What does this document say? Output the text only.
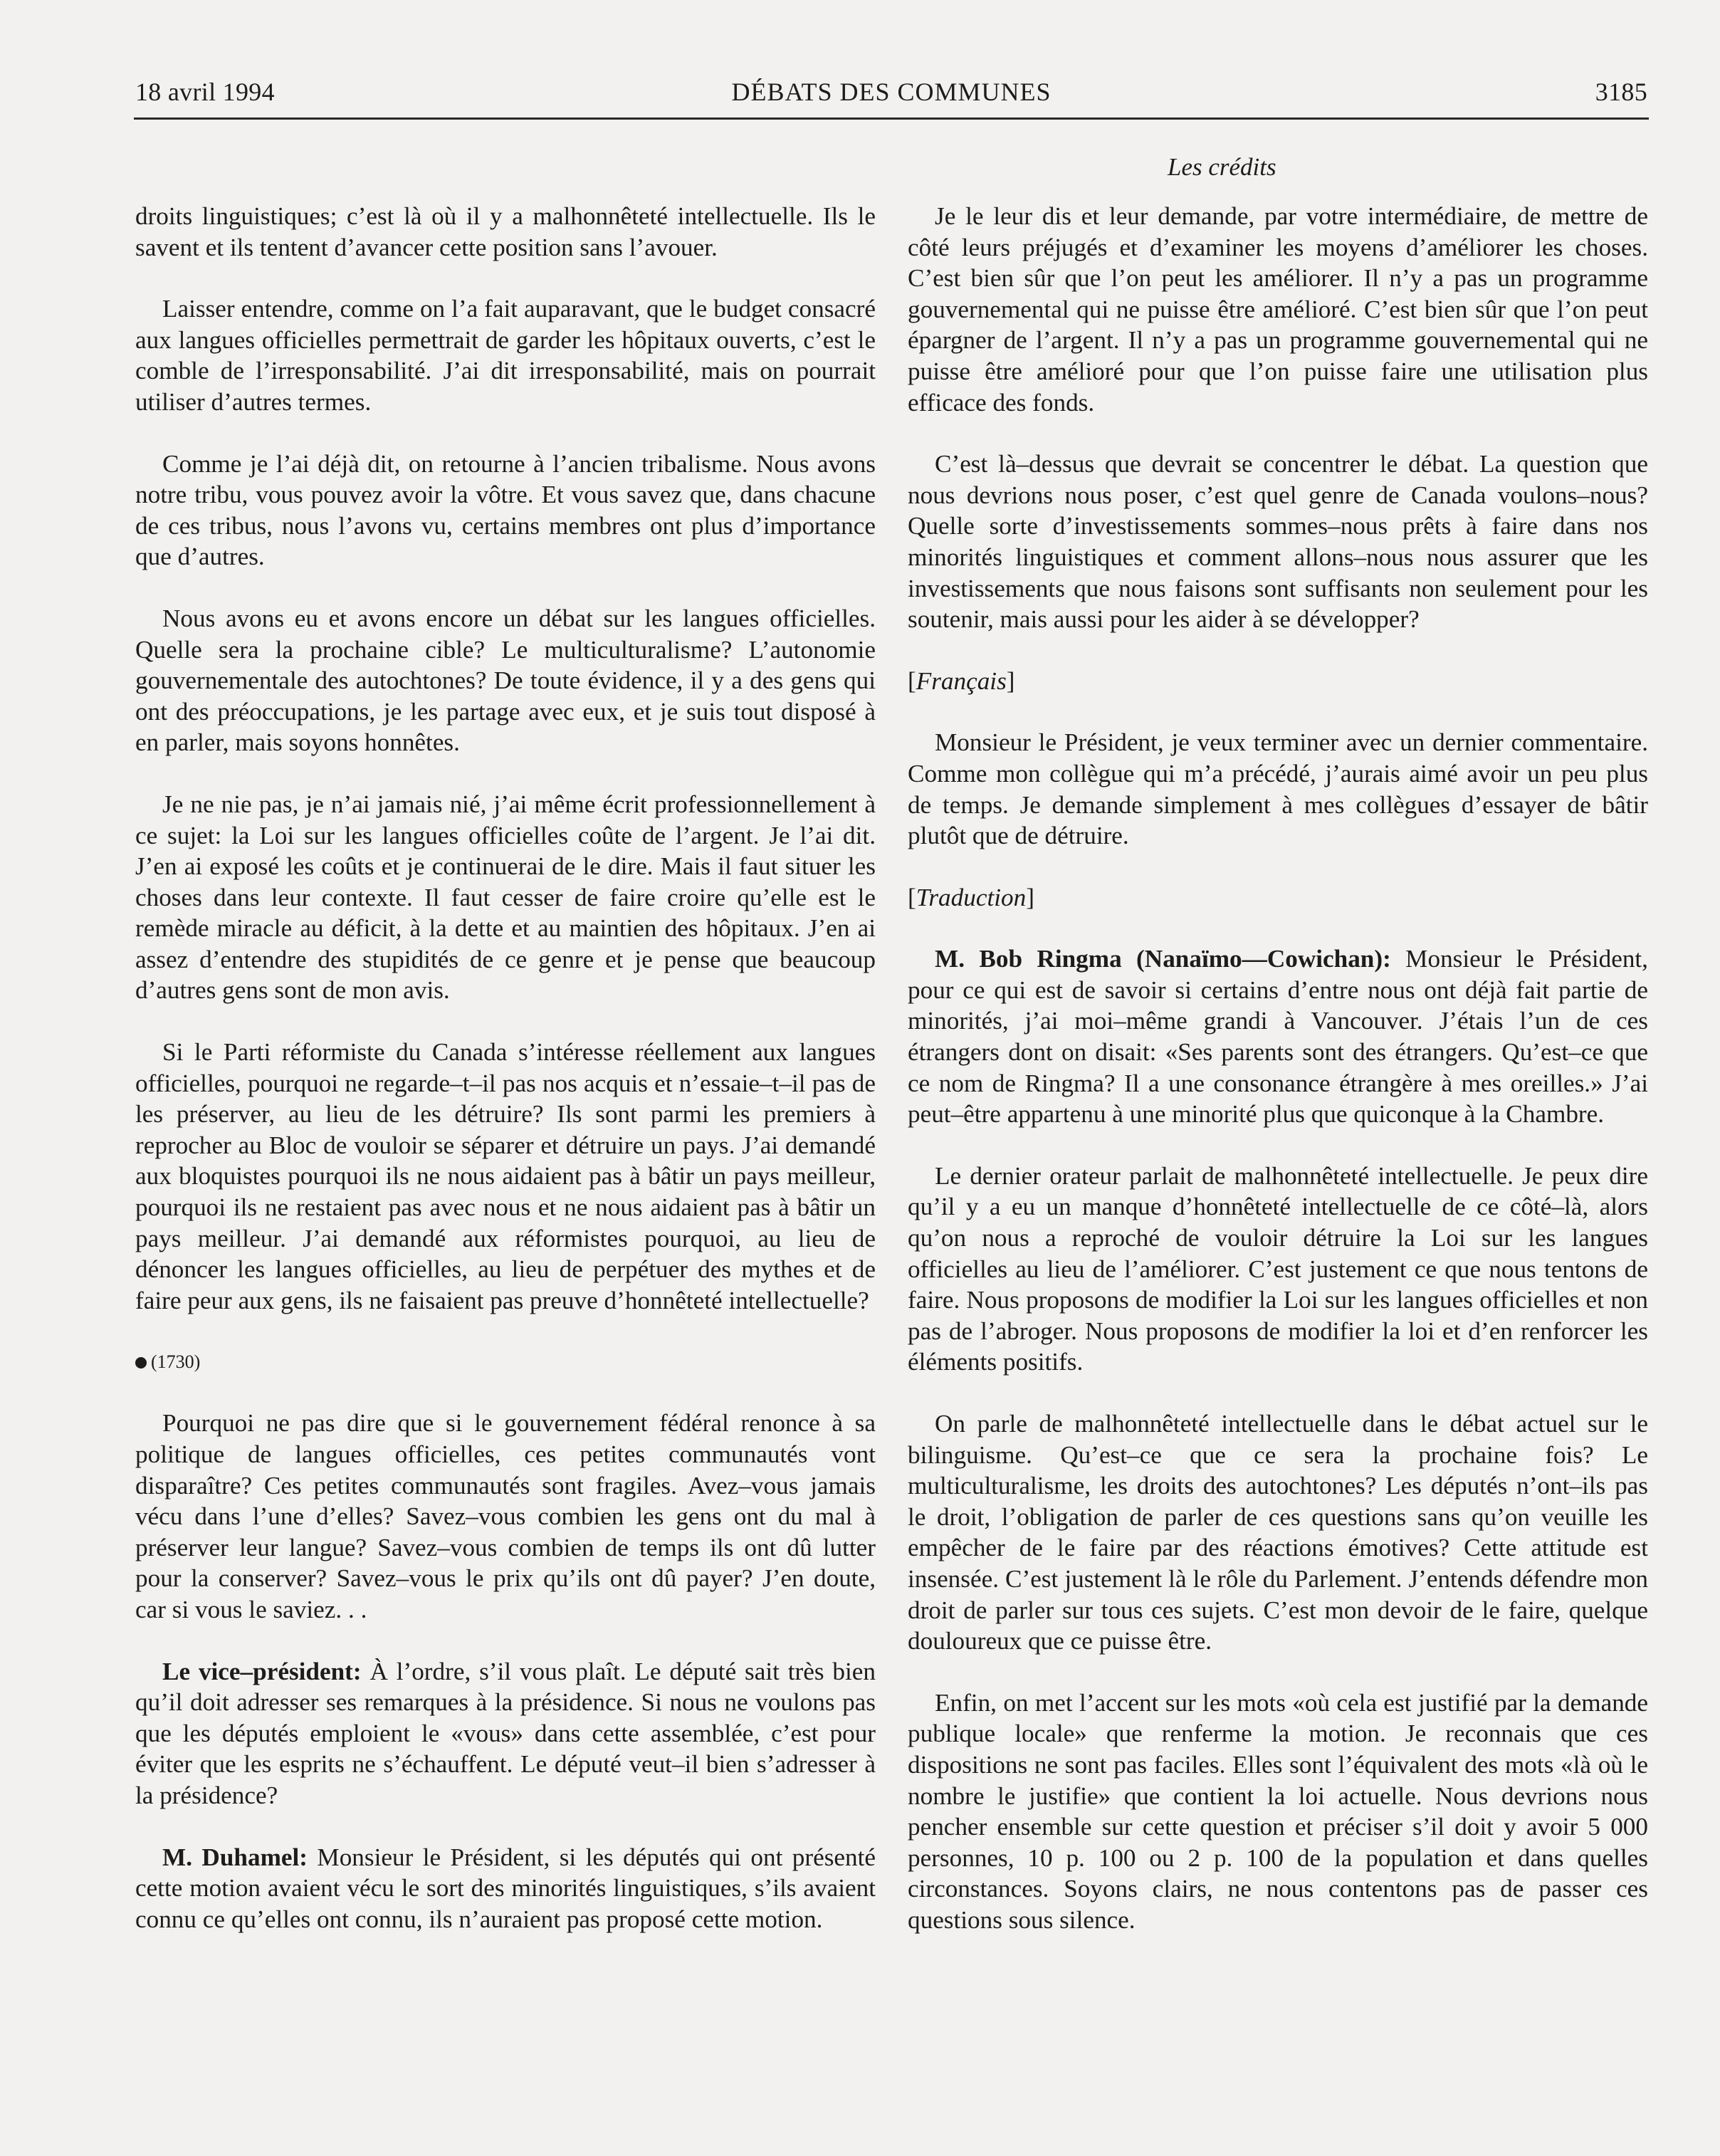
18 avril 1994	DÉBATS DES COMMUNES	3185
Les crédits

droits linguistiques; c’est là où il y a malhonnêteté intellectuelle. Ils le savent et ils tentent d’avancer cette position sans l’avouer.

Laisser entendre, comme on l’a fait auparavant, que le budget consacré aux langues officielles permettrait de garder les hôpitaux ouverts, c’est le comble de l’irresponsabilité. J’ai dit irresponsabilité, mais on pourrait utiliser d’autres termes.

Comme je l’ai déjà dit, on retourne à l’ancien tribalisme. Nous avons notre tribu, vous pouvez avoir la vôtre. Et vous savez que, dans chacune de ces tribus, nous l’avons vu, certains membres ont plus d’importance que d’autres.

Nous avons eu et avons encore un débat sur les langues officielles. Quelle sera la prochaine cible? Le multiculturalisme? L’autonomie gouvernementale des autochtones? De toute évidence, il y a des gens qui ont des préoccupations, je les partage avec eux, et je suis tout disposé à en parler, mais soyons honnêtes.

Je ne nie pas, je n’ai jamais nié, j’ai même écrit professionnellement à ce sujet: la Loi sur les langues officielles coûte de l’argent. Je l’ai dit. J’en ai exposé les coûts et je continuerai de le dire. Mais il faut situer les choses dans leur contexte. Il faut cesser de faire croire qu’elle est le remède miracle au déficit, à la dette et au maintien des hôpitaux. J’en ai assez d’entendre des stupidités de ce genre et je pense que beaucoup d’autres gens sont de mon avis.

Si le Parti réformiste du Canada s’intéresse réellement aux langues officielles, pourquoi ne regarde–t–il pas nos acquis et n’essaie–t–il pas de les préserver, au lieu de les détruire? Ils sont parmi les premiers à reprocher au Bloc de vouloir se séparer et détruire un pays. J’ai demandé aux bloquistes pourquoi ils ne nous aidaient pas à bâtir un pays meilleur, pourquoi ils ne restaient pas avec nous et ne nous aidaient pas à bâtir un pays meilleur. J’ai demandé aux réformistes pourquoi, au lieu de dénoncer les langues officielles, au lieu de perpétuer des mythes et de faire peur aux gens, ils ne faisaient pas preuve d’honnêteté intellectuelle?

(1730)

Pourquoi ne pas dire que si le gouvernement fédéral renonce à sa politique de langues officielles, ces petites communautés vont disparaître? Ces petites communautés sont fragiles. Avez–vous jamais vécu dans l’une d’elles? Savez–vous combien les gens ont du mal à préserver leur langue? Savez–vous combien de temps ils ont dû lutter pour la conserver? Savez–vous le prix qu’ils ont dû payer? J’en doute, car si vous le saviez. . .

Le vice–président: À l’ordre, s’il vous plaît. Le député sait très bien qu’il doit adresser ses remarques à la présidence. Si nous ne voulons pas que les députés emploient le «vous» dans cette assemblée, c’est pour éviter que les esprits ne s’échauffent. Le député veut–il bien s’adresser à la présidence?

M. Duhamel: Monsieur le Président, si les députés qui ont présenté cette motion avaient vécu le sort des minorités linguistiques, s’ils avaient connu ce qu’elles ont connu, ils n’auraient pas proposé cette motion.

Je le leur dis et leur demande, par votre intermédiaire, de mettre de côté leurs préjugés et d’examiner les moyens d’améliorer les choses. C’est bien sûr que l’on peut les améliorer. Il n’y a pas un programme gouvernemental qui ne puisse être amélioré. C’est bien sûr que l’on peut épargner de l’argent. Il n’y a pas un programme gouvernemental qui ne puisse être amélioré pour que l’on puisse faire une utilisation plus efficace des fonds.

C’est là–dessus que devrait se concentrer le débat. La question que nous devrions nous poser, c’est quel genre de Canada voulons–nous? Quelle sorte d’investissements sommes–nous prêts à faire dans nos minorités linguistiques et comment allons–nous nous assurer que les investissements que nous faisons sont suffisants non seulement pour les soutenir, mais aussi pour les aider à se développer?

[Français]

Monsieur le Président, je veux terminer avec un dernier commentaire. Comme mon collègue qui m’a précédé, j’aurais aimé avoir un peu plus de temps. Je demande simplement à mes collègues d’essayer de bâtir plutôt que de détruire.

[Traduction]

M. Bob Ringma (Nanaïmo—Cowichan): Monsieur le Président, pour ce qui est de savoir si certains d’entre nous ont déjà fait partie de minorités, j’ai moi–même grandi à Vancouver. J’étais l’un de ces étrangers dont on disait: «Ses parents sont des étrangers. Qu’est–ce que ce nom de Ringma? Il a une consonance étrangère à mes oreilles.» J’ai peut–être appartenu à une minorité plus que quiconque à la Chambre.

Le dernier orateur parlait de malhonnêteté intellectuelle. Je peux dire qu’il y a eu un manque d’honnêteté intellectuelle de ce côté–là, alors qu’on nous a reproché de vouloir détruire la Loi sur les langues officielles au lieu de l’améliorer. C’est justement ce que nous tentons de faire. Nous proposons de modifier la Loi sur les langues officielles et non pas de l’abroger. Nous proposons de modifier la loi et d’en renforcer les éléments positifs.

On parle de malhonnêteté intellectuelle dans le débat actuel sur le bilinguisme. Qu’est–ce que ce sera la prochaine fois? Le multiculturalisme, les droits des autochtones? Les députés n’ont–ils pas le droit, l’obligation de parler de ces questions sans qu’on veuille les empêcher de le faire par des réactions émotives? Cette attitude est insensée. C’est justement là le rôle du Parlement. J’entends défendre mon droit de parler sur tous ces sujets. C’est mon devoir de le faire, quelque douloureux que ce puisse être.

Enfin, on met l’accent sur les mots «où cela est justifié par la demande publique locale» que renferme la motion. Je reconnais que ces dispositions ne sont pas faciles. Elles sont l’équivalent des mots «là où le nombre le justifie» que contient la loi actuelle. Nous devrions nous pencher ensemble sur cette question et préciser s’il doit y avoir 5 000 personnes, 10 p. 100 ou 2 p. 100 de la population et dans quelles circonstances. Soyons clairs, ne nous contentons pas de passer ces questions sous silence.
